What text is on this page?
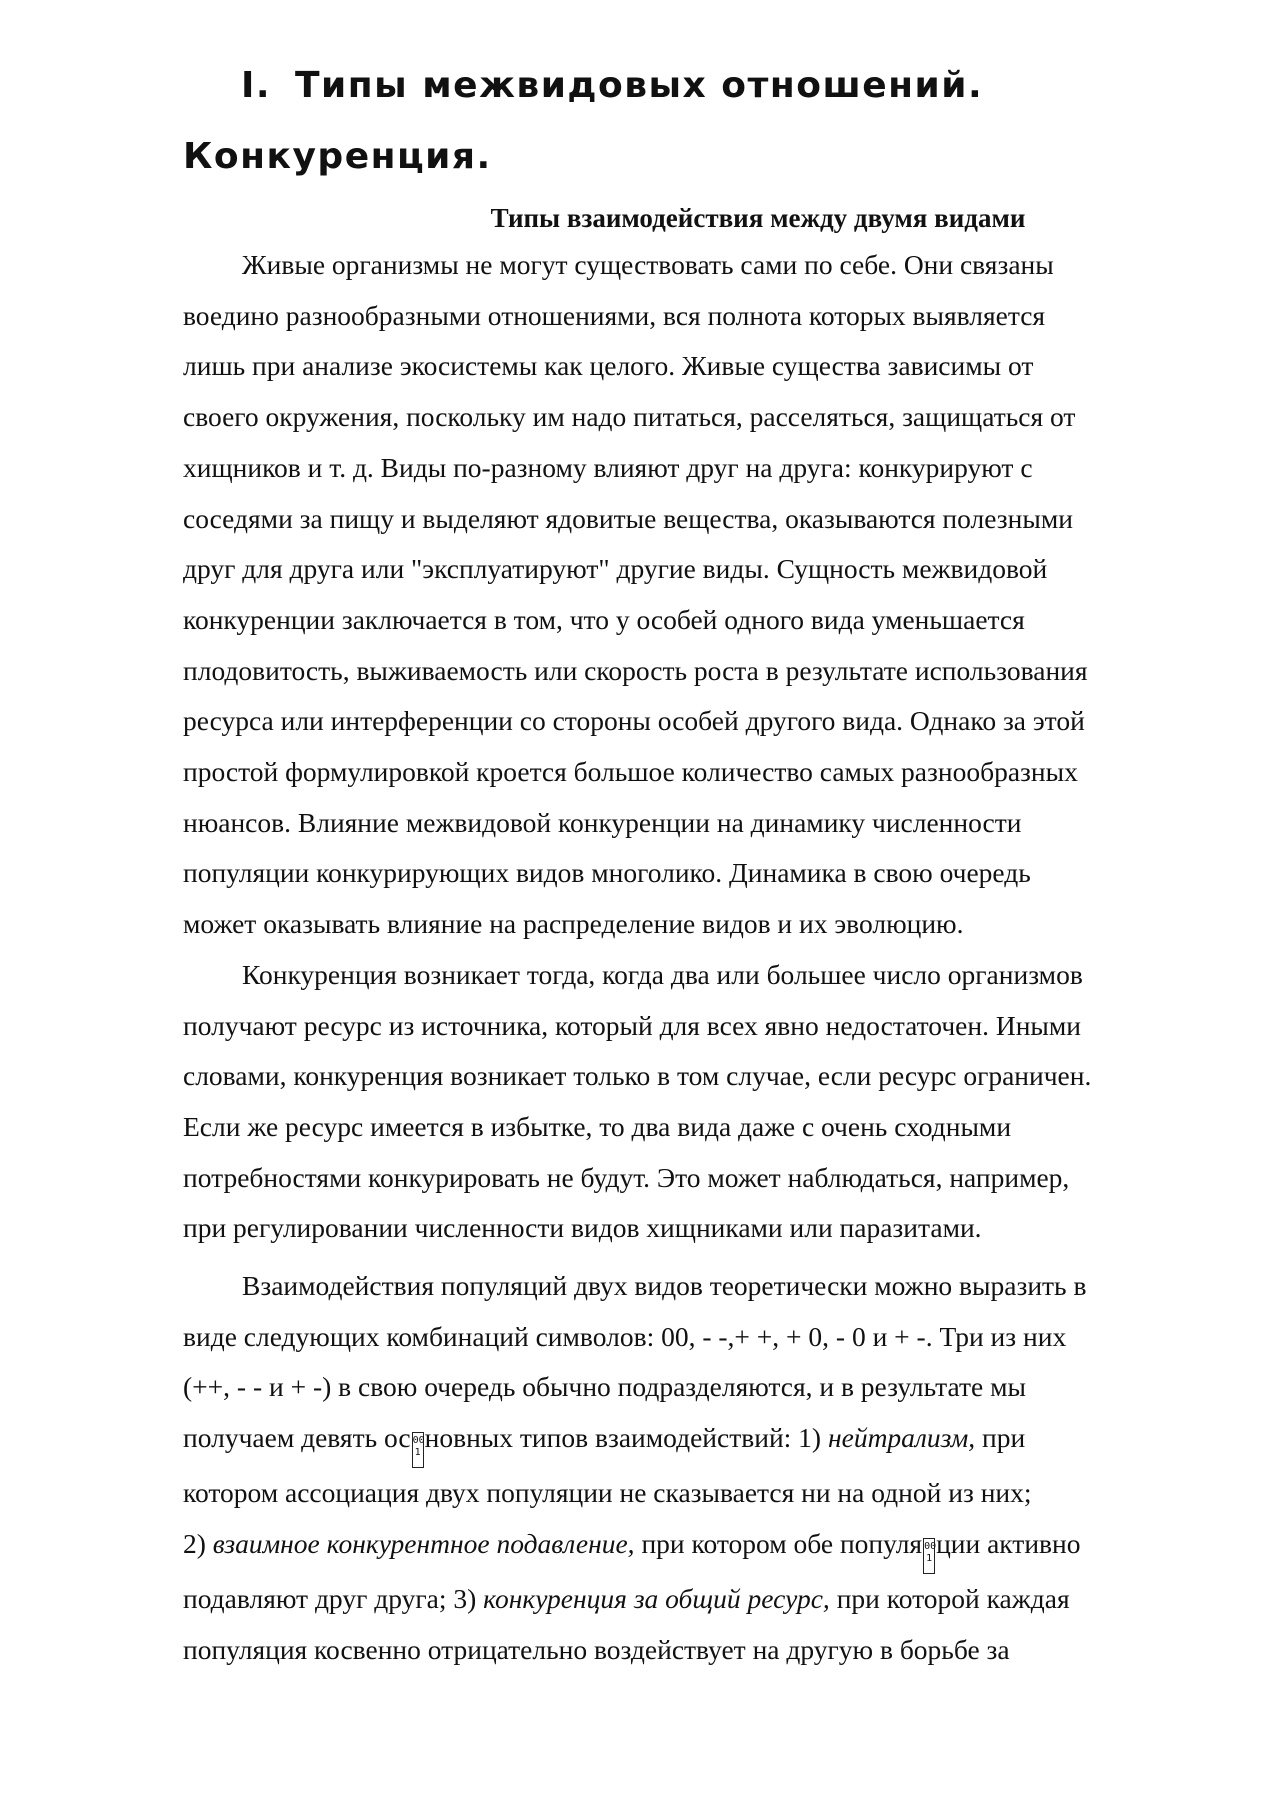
I. Типы межвидовых отношений.
Конкуренция.

Типы взаимодействия между двумя видами

Живые организмы не могут существовать сами по себе. Они связаны
воедино разнообразными отношениями, вся полнота которых выявляется
лишь при анализе экосистемы как целого. Живые существа зависимы от
своего окружения, поскольку им надо питаться, расселяться, защищаться от
хищников и т. д. Виды по-разному влияют друг на друга: конкурируют с
соседями за пищу и выделяют ядовитые вещества, оказываются полезными
друг для друга или "эксплуатируют" другие виды. Сущность межвидовой
конкуренции заключается в том, что у особей одного вида уменьшается
плодовитость, выживаемость или скорость роста в результате использования
ресурса или интерференции со стороны особей другого вида. Однако за этой
простой формулировкой кроется большое количество самых разнообразных
нюансов. Влияние межвидовой конкуренции на динамику численности
популяции конкурирующих видов многолико. Динамика в свою очередь
может оказывать влияние на распределение видов и их эволюцию.

Конкуренция возникает тогда, когда два или большее число организмов
получают ресурс из источника, который для всех явно недостаточен. Иными
словами, конкуренция возникает только в том случае, если ресурс ограничен.
Если же ресурс имеется в избытке, то два вида даже с очень сходными
потребностями конкурировать не будут. Это может наблюдаться, например,
при регулировании численности видов хищниками или паразитами.

Взаимодействия популяций двух видов теоретически можно выразить в
виде следующих комбинаций символов: 00, - -,+ +, + 0, - 0 и + -. Три из них
(++, - - и + -) в свою очередь обычно подразделяются, и в результате мы
получаем девять ос 00
1 новных типов взаимодействий: 1) нейтрализм, при
котором ассоциация двух популяции не сказывается ни на одной из них;
2) взаимное конкурентное подавление, при котором обе популя 00
1 ции активно
подавляют друг друга; 3) конкуренция за общий ресурс, при которой каждая
популяция косвенно отрицательно воздействует на другую в борьбе за
